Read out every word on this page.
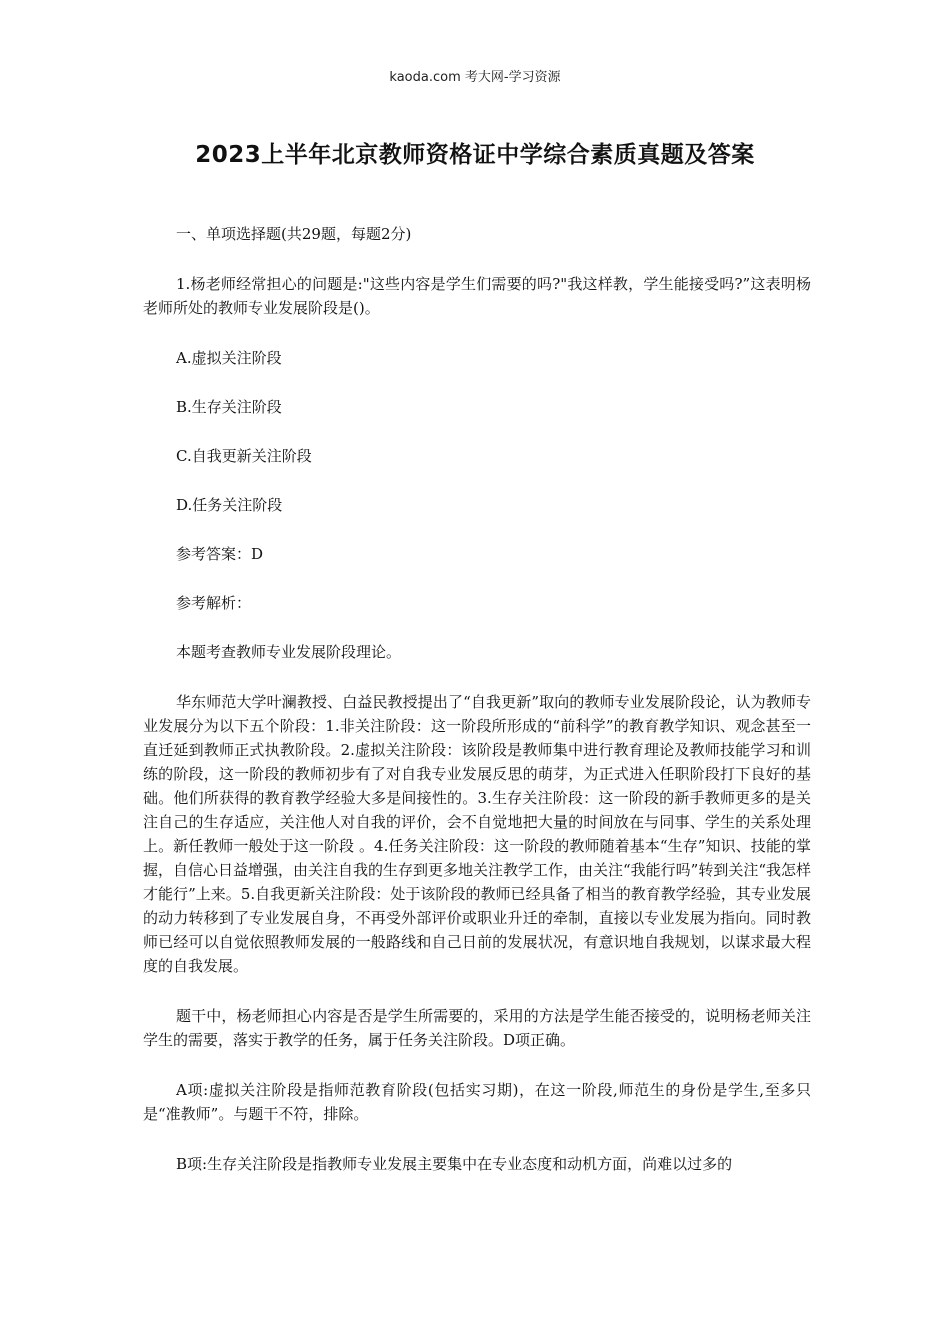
kaoda.com 考大网-学习资源
2023上半年北京教师资格证中学综合素质真题及答案

一、单项选择题(共29题，每题2分)

1.杨老师经常担心的问题是:"这些内容是学生们需要的吗?"我这样教，学生能接受吗?”这表明杨老师所处的教师专业发展阶段是()。

A.虚拟关注阶段

B.生存关注阶段

C.自我更新关注阶段

D.任务关注阶段

参考答案：D

参考解析：

本题考查教师专业发展阶段理论。

华东师范大学叶澜教授、白益民教授提出了“自我更新”取向的教师专业发展阶段论，认为教师专业发展分为以下五个阶段：1.非关注阶段：这一阶段所形成的“前科学”的教育教学知识、观念甚至一直迁延到教师正式执教阶段。2.虚拟关注阶段：该阶段是教师集中进行教育理论及教师技能学习和训练的阶段，这一阶段的教师初步有了对自我专业发展反思的萌芽，为正式进入任职阶段打下良好的基础。他们所获得的教育教学经验大多是间接性的。3.生存关注阶段：这一阶段的新手教师更多的是关注自己的生存适应，关注他人对自我的评价，会不自觉地把大量的时间放在与同事、学生的关系处理上。新任教师一般处于这一阶段 。4.任务关注阶段：这一阶段的教师随着基本“生存”知识、技能的掌握，自信心日益增强，由关注自我的生存到更多地关注教学工作，由关注“我能行吗”转到关注“我怎样才能行”上来。5.自我更新关注阶段：处于该阶段的教师已经具备了相当的教育教学经验，其专业发展的动力转移到了专业发展自身，不再受外部评价或职业升迁的牵制，直接以专业发展为指向。同时教师已经可以自觉依照教师发展的一般路线和自己日前的发展状况，有意识地自我规划，以谋求最大程度的自我发展。

题干中，杨老师担心内容是否是学生所需要的，采用的方法是学生能否接受的，说明杨老师关注学生的需要，落实于教学的任务，属于任务关注阶段。D项正确。

A项:虚拟关注阶段是指师范教育阶段(包括实习期)，在这一阶段,师范生的身份是学生,至多只是“准教师”。与题干不符，排除。

B项:生存关注阶段是指教师专业发展主要集中在专业态度和动机方面，尚难以过多的
